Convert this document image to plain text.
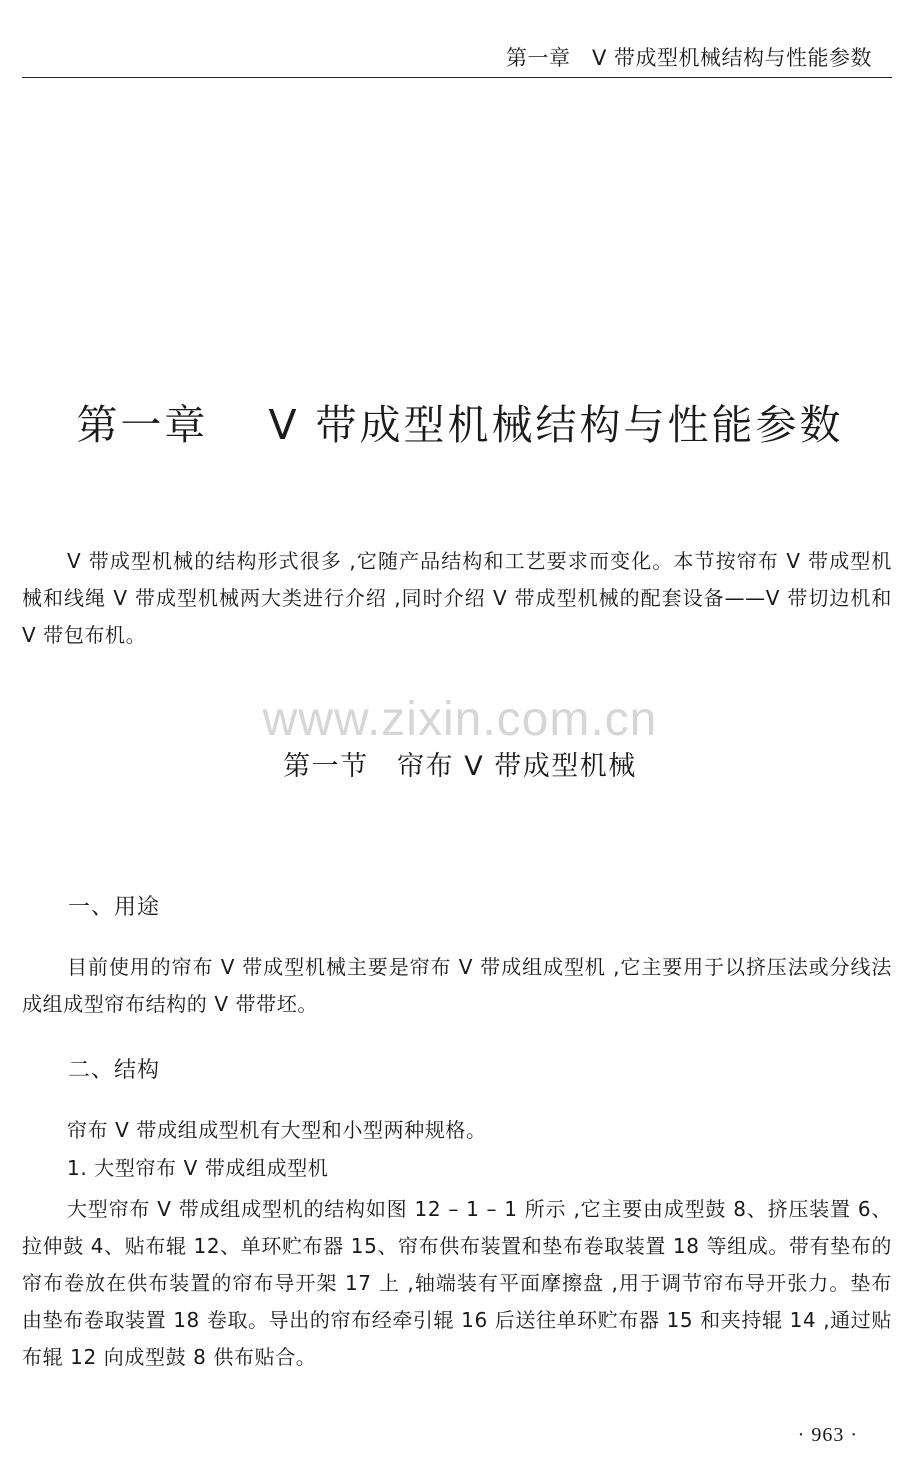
第一章　V 带成型机械结构与性能参数
第一章　 V 带成型机械结构与性能参数

V 带成型机械的结构形式很多 ,它随产品结构和工艺要求而变化。本节按帘布 V 带成型机械和线绳 V 带成型机械两大类进行介绍 ,同时介绍 V 带成型机械的配套设备——V 带切边机和 V 带包布机。

www.zixin.com.cn
第一节　帘布 V 带成型机械
一、用途

目前使用的帘布 V 带成型机械主要是帘布 V 带成组成型机 ,它主要用于以挤压法或分线法成组成型帘布结构的 V 带带坯。

二、结构

帘布 V 带成组成型机有大型和小型两种规格。

1. 大型帘布 V 带成组成型机

大型帘布 V 带成组成型机的结构如图 12 – 1 – 1 所示 ,它主要由成型鼓 8、挤压装置 6、拉伸鼓 4、贴布辊 12、单环贮布器 15、帘布供布装置和垫布卷取装置 18 等组成。带有垫布的帘布卷放在供布装置的帘布导开架 17 上 ,轴端装有平面摩擦盘 ,用于调节帘布导开张力。垫布由垫布卷取装置 18 卷取。导出的帘布经牵引辊 16 后送往单环贮布器 15 和夹持辊 14 ,通过贴布辊 12 向成型鼓 8 供布贴合。

· 963 ·
